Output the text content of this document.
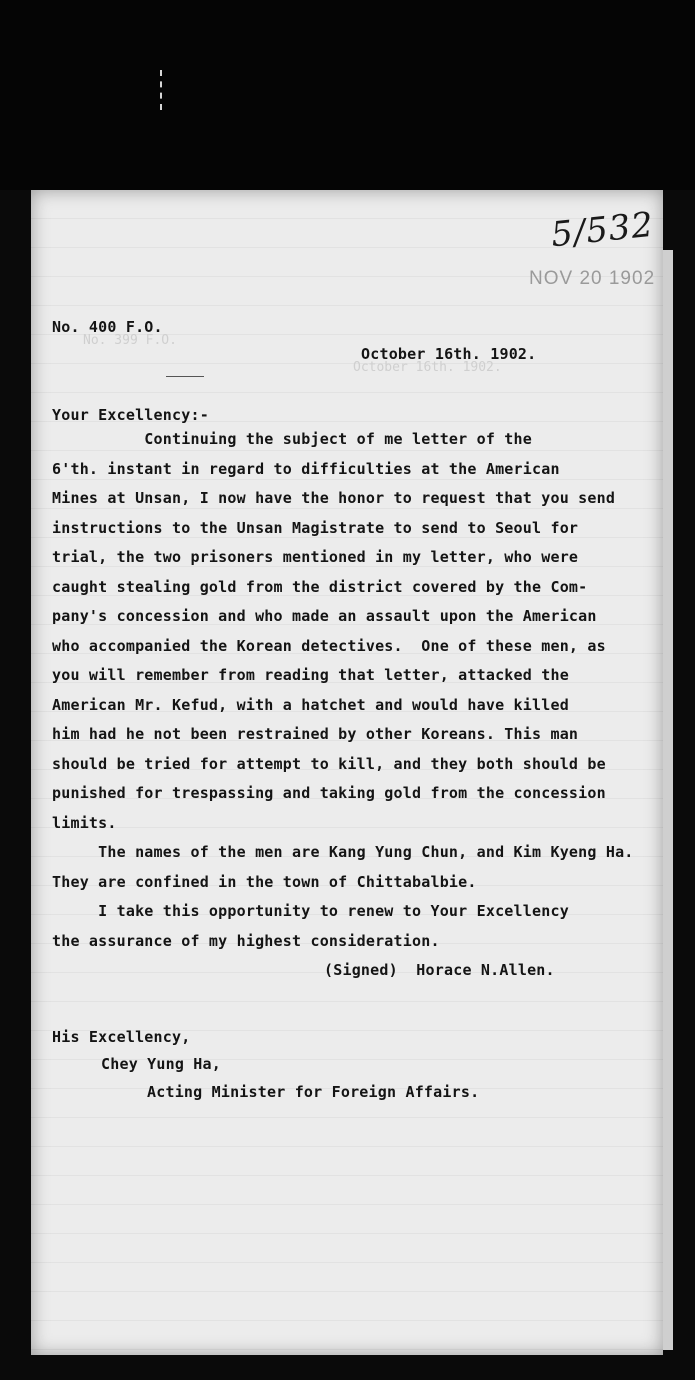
5/532
NOV 20 1902
No. 400 F.O.
No. 399 F.O.
October 16th. 1902.
October 16th. 1902.
Your Excellency:-
Continuing the subject of me letter of the
6'th. instant in regard to difficulties at the American
Mines at Unsan, I now have the honor to request that you send
instructions to the Unsan Magistrate to send to Seoul for
trial, the two prisoners mentioned in my letter, who were
caught stealing gold from the district covered by the Com-
pany's concession and who made an assault upon the American
who accompanied the Korean detectives.  One of these men, as
you will remember from reading that letter, attacked the
American Mr. Kefud, with a hatchet and would have killed
him had he not been restrained by other Koreans. This man
should be tried for attempt to kill, and they both should be
punished for trespassing and taking gold from the concession
limits.
The names of the men are Kang Yung Chun, and Kim Kyeng Ha.
They are confined in the town of Chittabalbie.
I take this opportunity to renew to Your Excellency
the assurance of my highest consideration.
(Signed)  Horace N.Allen.
His Excellency,
Chey Yung Ha,
Acting Minister for Foreign Affairs.
